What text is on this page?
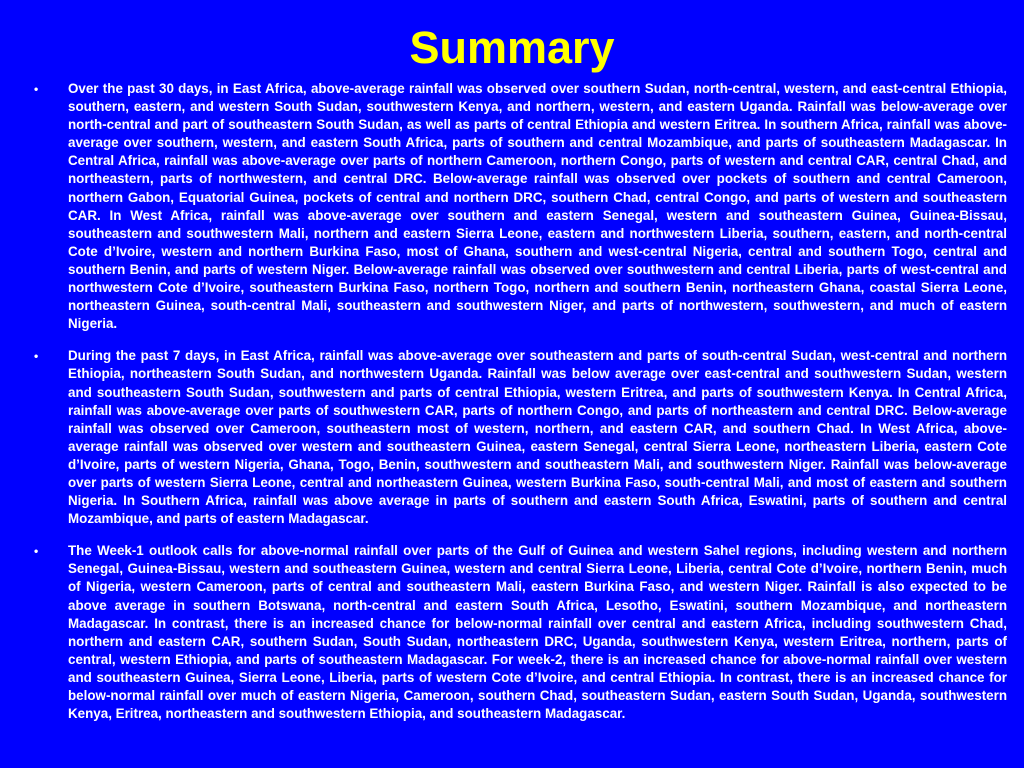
Summary
• Over the past 30 days, in East Africa, above-average rainfall was observed over southern Sudan, north-central, western, and east-central Ethiopia, southern, eastern, and western South Sudan, southwestern Kenya, and northern, western, and eastern Uganda. Rainfall was below-average over north-central and part of southeastern South Sudan, as well as parts of central Ethiopia and western Eritrea. In southern Africa, rainfall was above-average over southern, western, and eastern South Africa, parts of southern and central Mozambique, and parts of southeastern Madagascar. In Central Africa, rainfall was above-average over parts of northern Cameroon, northern Congo, parts of western and central CAR, central Chad, and northeastern, parts of northwestern, and central DRC. Below-average rainfall was observed over pockets of southern and central Cameroon, northern Gabon, Equatorial Guinea, pockets of central and northern DRC, southern Chad, central Congo, and parts of western and southeastern CAR. In West Africa, rainfall was above-average over southern and eastern Senegal, western and southeastern Guinea, Guinea-Bissau, southeastern and southwestern Mali, northern and eastern Sierra Leone, eastern and northwestern Liberia, southern, eastern, and north-central Cote d’Ivoire, western and northern Burkina Faso, most of Ghana, southern and west-central Nigeria, central and southern Togo, central and southern Benin, and parts of western Niger. Below-average rainfall was observed over southwestern and central Liberia, parts of west-central and northwestern Cote d’Ivoire, southeastern Burkina Faso, northern Togo, northern and southern Benin, northeastern Ghana, coastal Sierra Leone, northeastern Guinea, south-central Mali, southeastern and southwestern Niger, and parts of northwestern, southwestern, and much of eastern Nigeria.

• During the past 7 days, in East Africa, rainfall was above-average over southeastern and parts of south-central Sudan, west-central and northern Ethiopia, northeastern South Sudan, and northwestern Uganda. Rainfall was below average over east-central and southwestern Sudan, western and southeastern South Sudan, southwestern and parts of central Ethiopia, western Eritrea, and parts of southwestern Kenya. In Central Africa, rainfall was above-average over parts of southwestern CAR, parts of northern Congo, and parts of northeastern and central DRC. Below-average rainfall was observed over Cameroon, southeastern most of western, northern, and eastern CAR, and southern Chad. In West Africa, above-average rainfall was observed over western and southeastern Guinea, eastern Senegal, central Sierra Leone, northeastern Liberia, eastern Cote d’Ivoire, parts of western Nigeria, Ghana, Togo, Benin, southwestern and southeastern Mali, and southwestern Niger. Rainfall was below-average over parts of western Sierra Leone, central and northeastern Guinea, western Burkina Faso, south-central Mali, and most of eastern and southern Nigeria. In Southern Africa, rainfall was above average in parts of southern and eastern South Africa, Eswatini, parts of southern and central Mozambique, and parts of eastern Madagascar.

• The Week-1 outlook calls for above-normal rainfall over parts of the Gulf of Guinea and western Sahel regions, including western and northern Senegal, Guinea-Bissau, western and southeastern Guinea, western and central Sierra Leone, Liberia, central Cote d’Ivoire, northern Benin, much of Nigeria, western Cameroon, parts of central and southeastern Mali, eastern Burkina Faso, and western Niger. Rainfall is also expected to be above average in southern Botswana, north-central and eastern South Africa, Lesotho, Eswatini, southern Mozambique, and northeastern Madagascar. In contrast, there is an increased chance for below-normal rainfall over central and eastern Africa, including southwestern Chad, northern and eastern CAR, southern Sudan, South Sudan, northeastern DRC, Uganda, southwestern Kenya, western Eritrea, northern, parts of central, western Ethiopia, and parts of southeastern Madagascar. For week-2, there is an increased chance for above-normal rainfall over western and southeastern Guinea, Sierra Leone, Liberia, parts of western Cote d’Ivoire, and central Ethiopia. In contrast, there is an increased chance for below-normal rainfall over much of eastern Nigeria, Cameroon, southern Chad, southeastern Sudan, eastern South Sudan, Uganda, southwestern Kenya, Eritrea, northeastern and southwestern Ethiopia, and southeastern Madagascar.
